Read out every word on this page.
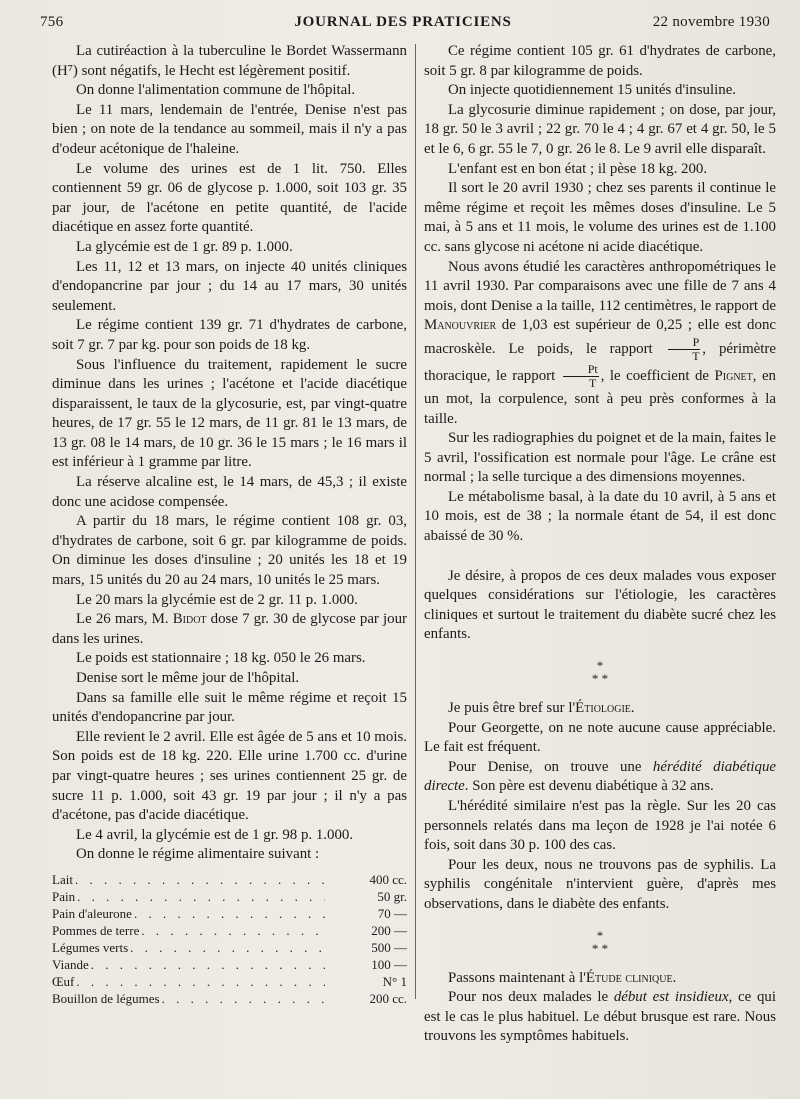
756	JOURNAL DES PRATICIENS	22 novembre 1930

La cutiréaction à la tuberculine le Bordet Wassermann (H⁷) sont négatifs, le Hecht est légèrement positif.

On donne l'alimentation commune de l'hôpital.

Le 11 mars, lendemain de l'entrée, Denise n'est pas bien ; on note de la tendance au sommeil, mais il n'y a pas d'odeur acétonique de l'haleine.

Le volume des urines est de 1 lit. 750. Elles contiennent 59 gr. 06 de glycose p. 1.000, soit 103 gr. 35 par jour, de l'acétone en petite quantité, de l'acide diacétique en assez forte quantité.

La glycémie est de 1 gr. 89 p. 1.000.

Les 11, 12 et 13 mars, on injecte 40 unités cliniques d'endopancrine par jour ; du 14 au 17 mars, 30 unités seulement.

Le régime contient 139 gr. 71 d'hydrates de carbone, soit 7 gr. 7 par kg. pour son poids de 18 kg.

Sous l'influence du traitement, rapidement le sucre diminue dans les urines ; l'acétone et l'acide diacétique disparaissent, le taux de la glycosurie, est, par vingt-quatre heures, de 17 gr. 55 le 12 mars, de 11 gr. 81 le 13 mars, de 13 gr. 08 le 14 mars, de 10 gr. 36 le 15 mars ; le 16 mars il est inférieur à 1 gramme par litre.

La réserve alcaline est, le 14 mars, de 45,3 ; il existe donc une acidose compensée.

A partir du 18 mars, le régime contient 108 gr. 03, d'hydrates de carbone, soit 6 gr. par kilogramme de poids. On diminue les doses d'insuline ; 20 unités les 18 et 19 mars, 15 unités du 20 au 24 mars, 10 unités le 25 mars.

Le 20 mars la glycémie est de 2 gr. 11 p. 1.000.

Le 26 mars, M. Bidot dose 7 gr. 30 de glycose par jour dans les urines.

Le poids est stationnaire ; 18 kg. 050 le 26 mars.

Denise sort le même jour de l'hôpital.

Dans sa famille elle suit le même régime et reçoit 15 unités d'endopancrine par jour.

Elle revient le 2 avril. Elle est âgée de 5 ans et 10 mois. Son poids est de 18 kg. 220. Elle urine 1.700 cc. d'urine par vingt-quatre heures ; ses urines contiennent 25 gr. de sucre 11 p. 1.000, soit 43 gr. 19 par jour ; il n'y a pas d'acétone, pas d'acide diacétique.

Le 4 avril, la glycémie est de 1 gr. 98 p. 1.000.

On donne le régime alimentaire suivant :

Lait . . .	400 cc.
Pain . . .	50 gr.
Pain d'aleurone . . .	70 —
Pommes de terre . . .	200 —
Légumes verts . . .	500 —
Viande . . .	100 —
Œuf . . .	N° 1
Bouillon de légumes . . .	200 cc.

Ce régime contient 105 gr. 61 d'hydrates de carbone, soit 5 gr. 8 par kilogramme de poids.

On injecte quotidiennement 15 unités d'insuline.

La glycosurie diminue rapidement ; on dose, par jour, 18 gr. 50 le 3 avril ; 22 gr. 70 le 4 ; 4 gr. 67 et 4 gr. 50, le 5 et le 6, 6 gr. 55 le 7, 0 gr. 26 le 8. Le 9 avril elle disparaît.

L'enfant est en bon état ; il pèse 18 kg. 200.

Il sort le 20 avril 1930 ; chez ses parents il continue le même régime et reçoit les mêmes doses d'insuline. Le 5 mai, à 5 ans et 11 mois, le volume des urines est de 1.100 cc. sans glycose ni acétone ni acide diacétique.

Nous avons étudié les caractères anthropométriques le 11 avril 1930. Par comparaisons avec une fille de 7 ans 4 mois, dont Denise a la taille, 112 centimètres, le rapport de Manouvrier de 1,03 est supérieur de 0,25 ; elle est donc macroskèle. Le poids, le rapport $\frac{P}{T}$ , périmètre thoracique, le rapport $\frac{Pt}{T}$ , le coefficient de Pignet, en un mot, la corpulence, sont à peu près conformes à la taille.

Sur les radiographies du poignet et de la main, faites le 5 avril, l'ossification est normale pour l'âge. Le crâne est normal ; la selle turcique a des dimensions moyennes.

Le métabolisme basal, à la date du 10 avril, à 5 ans et 10 mois, est de 38 ; la normale étant de 54, il est donc abaissé de 30 %.

Je désire, à propos de ces deux malades vous exposer quelques considérations sur l'étiologie, les caractères cliniques et surtout le traitement du diabète sucré chez les enfants.

*
* *

Je puis être bref sur l'Étiologie.

Pour Georgette, on ne note aucune cause appréciable. Le fait est fréquent.

Pour Denise, on trouve une hérédité diabétique directe. Son père est devenu diabétique à 32 ans.

L'hérédité similaire n'est pas la règle. Sur les 20 cas personnels relatés dans ma leçon de 1928 je l'ai notée 6 fois, soit dans 30 p. 100 des cas.

Pour les deux, nous ne trouvons pas de syphilis. La syphilis congénitale n'intervient guère, d'après mes observations, dans le diabète des enfants.

*
* *

Passons maintenant à l'Étude clinique.

Pour nos deux malades le début est insidieux, ce qui est le cas le plus habituel. Le début brusque est rare. Nous trouvons les symptômes habituels.
